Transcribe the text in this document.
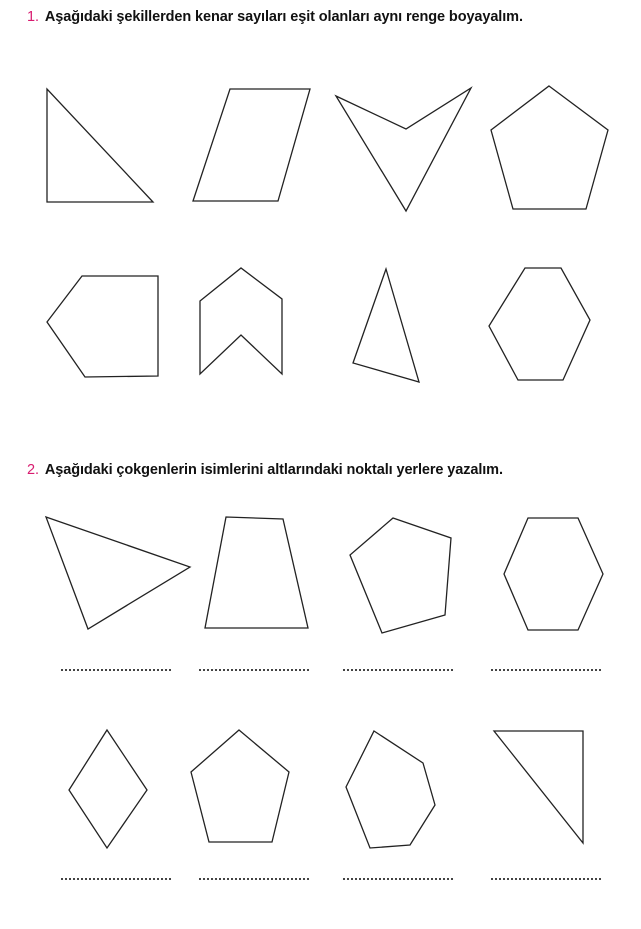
1. Aşağıdaki şekillerden kenar sayıları eşit olanları aynı renge boyayalım.
2. Aşağıdaki çokgenlerin isimlerini altlarındaki noktalı yerlere yazalım.
